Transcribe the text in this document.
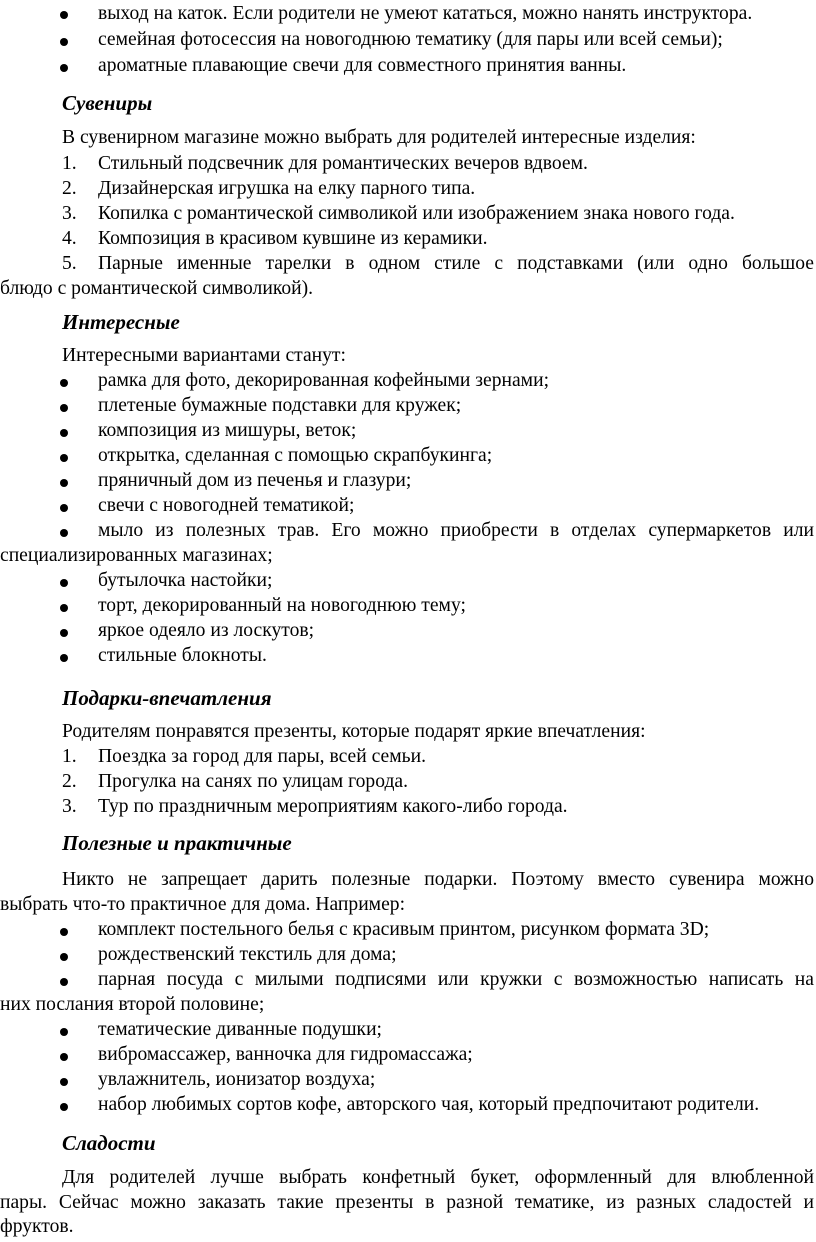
выход на каток. Если родители не умеют кататься, можно нанять инструктора.
семейная фотосессия на новогоднюю тематику (для пары или всей семьи);
ароматные плавающие свечи для совместного принятия ванны.
Сувениры
В сувенирном магазине можно выбрать для родителей интересные изделия:
1. Стильный подсвечник для романтических вечеров вдвоем.
2. Дизайнерская игрушка на елку парного типа.
3. Копилка с романтической символикой или изображением знака нового года.
4. Композиция в красивом кувшине из керамики.
5. Парные именные тарелки в одном стиле с подставками (или одно большое
блюдо с романтической символикой).
Интересные
Интересными вариантами станут:
рамка для фото, декорированная кофейными зернами;
плетеные бумажные подставки для кружек;
композиция из мишуры, веток;
открытка, сделанная с помощью скрапбукинга;
пряничный дом из печенья и глазури;
свечи с новогодней тематикой;
мыло из полезных трав. Его можно приобрести в отделах супермаркетов или
специализированных магазинах;
бутылочка настойки;
торт, декорированный на новогоднюю тему;
яркое одеяло из лоскутов;
стильные блокноты.
Подарки-впечатления
Родителям понравятся презенты, которые подарят яркие впечатления:
1. Поездка за город для пары, всей семьи.
2. Прогулка на санях по улицам города.
3. Тур по праздничным мероприятиям какого-либо города.
Полезные и практичные
Никто не запрещает дарить полезные подарки. Поэтому вместо сувенира можно
выбрать что-то практичное для дома. Например:
комплект постельного белья с красивым принтом, рисунком формата 3D;
рождественский текстиль для дома;
парная посуда с милыми подписями или кружки с возможностью написать на
них послания второй половине;
тематические диванные подушки;
вибромассажер, ванночка для гидромассажа;
увлажнитель, ионизатор воздуха;
набор любимых сортов кофе, авторского чая, который предпочитают родители.
Сладости
Для родителей лучше выбрать конфетный букет, оформленный для влюбленной
пары. Сейчас можно заказать такие презенты в разной тематике, из разных сладостей и
фруктов.
